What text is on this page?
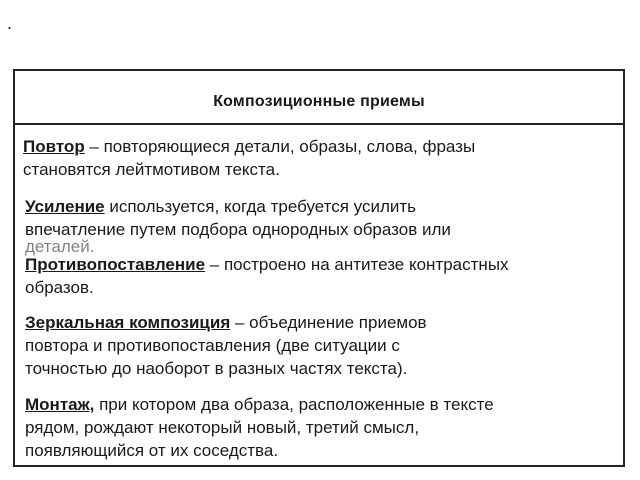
.
Композиционные приемы
Повтор – повторяющиеся детали, образы, слова, фразы
становятся лейтмотивом текста.
Усиление используется, когда требуется усилить
впечатление путем подбора однородных образов или
деталей.
Противопоставление – построено на антитезе контрастных
образов.
Зеркальная композиция – объединение приемов
повтора и противопоставления (две ситуации с
точностью до наоборот в разных частях текста).
Монтаж, при котором два образа, расположенные в тексте
рядом, рождают некоторый новый, третий смысл,
появляющийся от их соседства.
